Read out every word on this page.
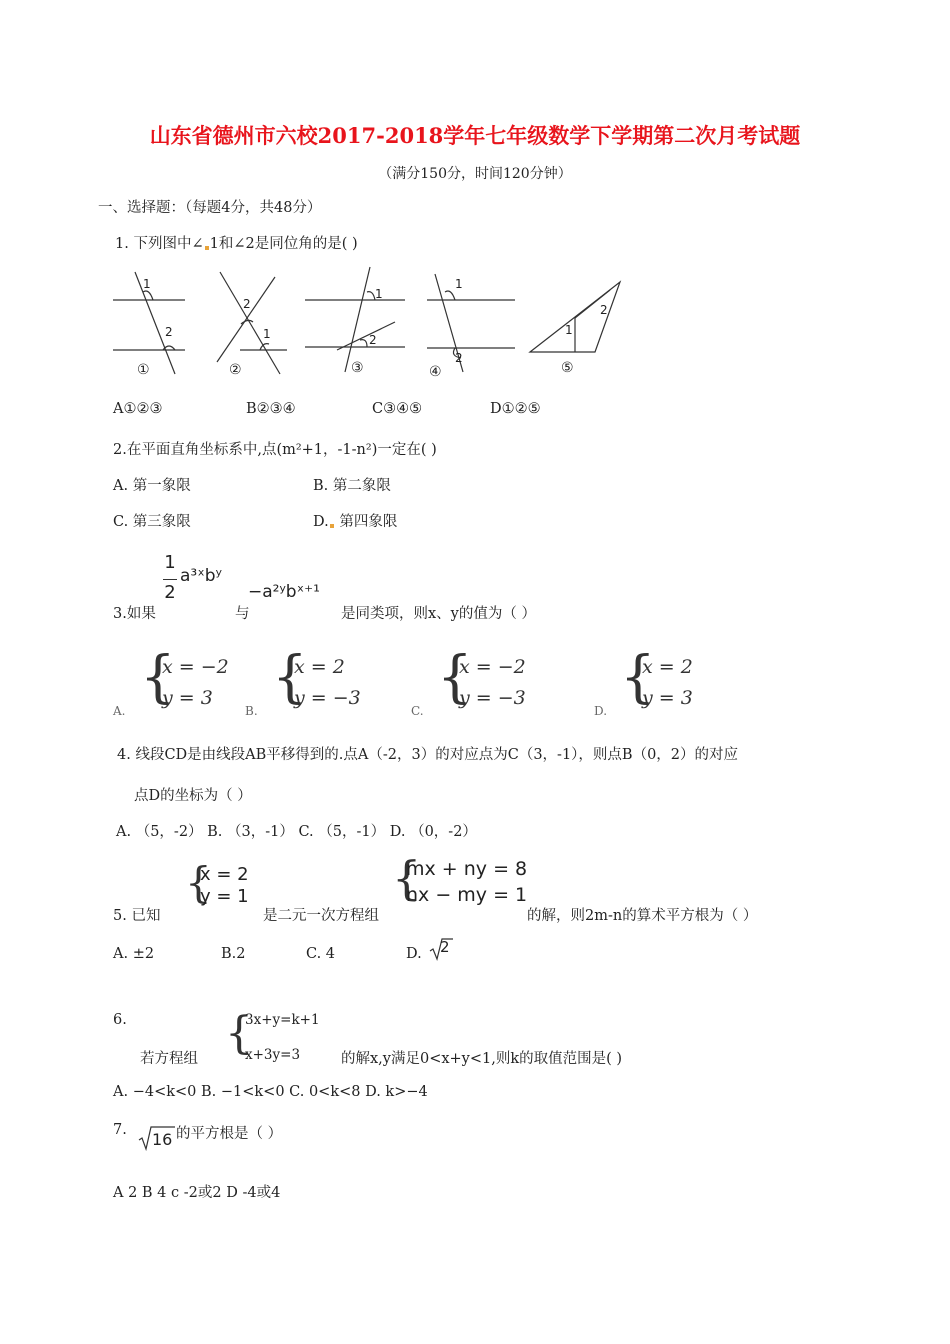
山东省德州市六校2017-2018学年七年级数学下学期第二次月考试题
（满分150分，时间120分钟）
一、选择题：（每题4分，共48分）
1. 下列图中∠ 1和∠2是同位角的是( )
1
2
2
1
1
2
1
2
1
2
①	②	③	④	⑤
A①②③	B②③④	C③④⑤	D①②⑤
2.在平面直角坐标系中,点(m²+1，-1-n²)一定在( )
A. 第一象限	B. 第二象限
C. 第三象限	D. 第四象限
1
2
a³ˣbʸ
−a²ʸbˣ⁺¹
3.如果	与	是同类项，则x、y的值为（ ）
A.
{
x = −2
y = 3
B.
{
x = 2
y = −3
C.
{
x = −2
y = −3
D.
{
x = 2
y = 3
4. 线段CD是由线段AB平移得到的.点A（-2，3）的对应点为C（3，-1），则点B（0，2）的对应
点D的坐标为（ ）
A. （5，-2） B. （3，-1） C. （5，-1） D. （0，-2）
{
x = 2
y = 1	{
mx + ny = 8
nx − my = 1
5. 已知	是二元一次方程组	的解，则2m-n的算术平方根为（ ）
A. ±2	B.2	C. 4	D. 2
6. {
3x+y=k+1
x+3y=3
若方程组	的解x,y满足0<x+y<1,则k的取值范围是( )
A. −4<k<0 B. −1<k<0 C. 0<k<8 D. k>−4
7. 16 的平方根是（ ）
A 2 B 4 c -2或2 D -4或4
